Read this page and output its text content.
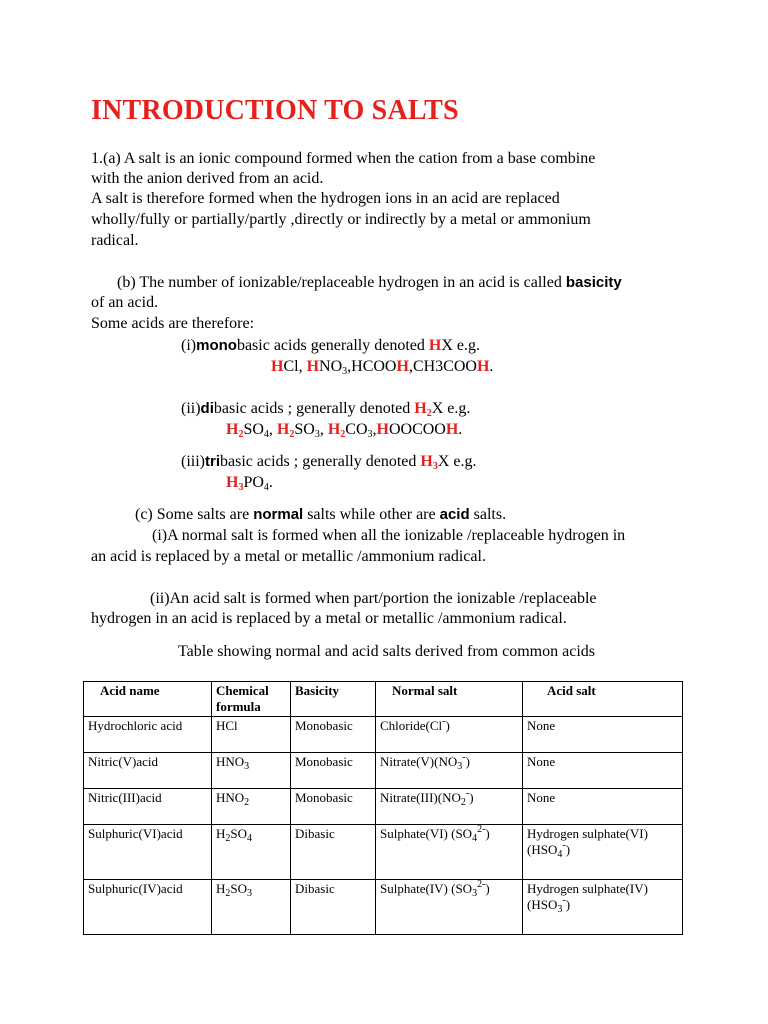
INTRODUCTION TO SALTS
1.(a) A salt is an ionic compound formed when the cation from a base combine
with the anion derived from an acid.
A salt is therefore formed when the hydrogen ions in an acid are replaced
wholly/fully or partially/partly ,directly or indirectly by a metal or ammonium
radical.
(b) The number of ionizable/replaceable hydrogen in an acid is called basicity
of an acid.
Some acids are therefore:
(i)monobasic acids generally denoted HX e.g.
HCl, $HNO_3,HCOOH,CH3COOH$.
(ii)dibasic acids ; generally denoted $H_2X$ e.g.
$H_2SO_4$, $H_2SO_3$, $H_2CO_3,HOOCOOH$.
(iii)tribasic acids ; generally denoted $H_3X$ e.g.
$H_3PO_4$.
(c) Some salts are normal salts while other are acid salts.
(i)A normal salt is formed when all the ionizable /replaceable hydrogen in
an acid is replaced by a metal or metallic /ammonium radical.
(ii)An acid salt is formed when part/portion the ionizable /replaceable
hydrogen in an acid is replaced by a metal or metallic /ammonium radical.
Table showing normal and acid salts derived from common acids
Acid name	Chemical formula	Basicity	Normal salt	Acid salt
Hydrochloric acid	HCl	Monobasic	Chloride(Cl-)	None
Nitric(V)acid	$HNO_3$	Monobasic	$Nitrate(V)(NO_3^-)$	None
Nitric(III)acid	$HNO_2$	Monobasic	$Nitrate(III)(NO_2^-)$	None
Sulphuric(VI)acid	$H_2SO_4$	Dibasic	Sulphate(VI) $(SO_4^{2-})$	Hydrogen sulphate(VI)
$(HSO_4^-)$
Sulphuric(IV)acid	$H_2SO_3$	Dibasic	Sulphate(IV) $(SO_3^{2-})$	Hydrogen sulphate(IV)
$(HSO_3^-)$
